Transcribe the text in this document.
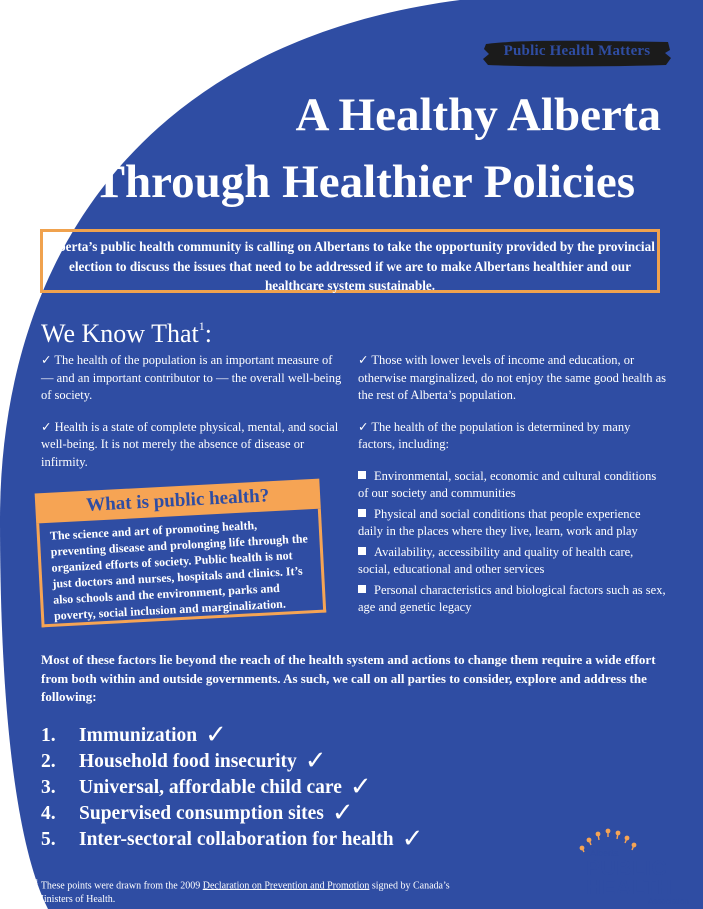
Public Health Matters
A Healthy Alberta
Through Healthier Policies
Alberta’s public health community is calling on Albertans to take the opportunity provided by the provincial election to discuss the issues that need to be addressed if we are to make Albertans healthier and our healthcare system sustainable.
We Know That$^1$:

✓ The health of the population is an important measure of — and an important contributor to — the overall well-being of society.

✓ Health is a state of complete physical, mental, and social well-being. It is not merely the absence of disease or infirmity.

✓ Those with lower levels of income and education, or otherwise marginalized, do not enjoy the same good health as the rest of Alberta’s population.

✓ The health of the population is determined by many factors, including:

Environmental, social, economic and cultural conditions of our society and communities
Physical and social conditions that people experience daily in the places where they live, learn, work and play
Availability, accessibility and quality of health care, social, educational and other services
Personal characteristics and biological factors such as sex, age and genetic legacy
What is public health?
The science and art of promoting health, preventing disease and prolonging life through the organized efforts of society. Public health is not just doctors and nurses, hospitals and clinics. It’s also schools and the environment, parks and poverty, social inclusion and marginalization.
Most of these factors lie beyond the reach of the health system and actions to change them require a wide effort from both within and outside governments. As such, we call on all parties to consider, explore and address the following:
1. Immunization ✓
2. Household food insecurity ✓
3. Universal, affordable child care ✓
4. Supervised consumption sites ✓
5. Inter-sectoral collaboration for health ✓
$^1$ These points were drawn from the 2009 Declaration on Prevention and Promotion signed by Canada’s Ministers of Health.
Alberta
PUBLIC
HEALTH
Association
